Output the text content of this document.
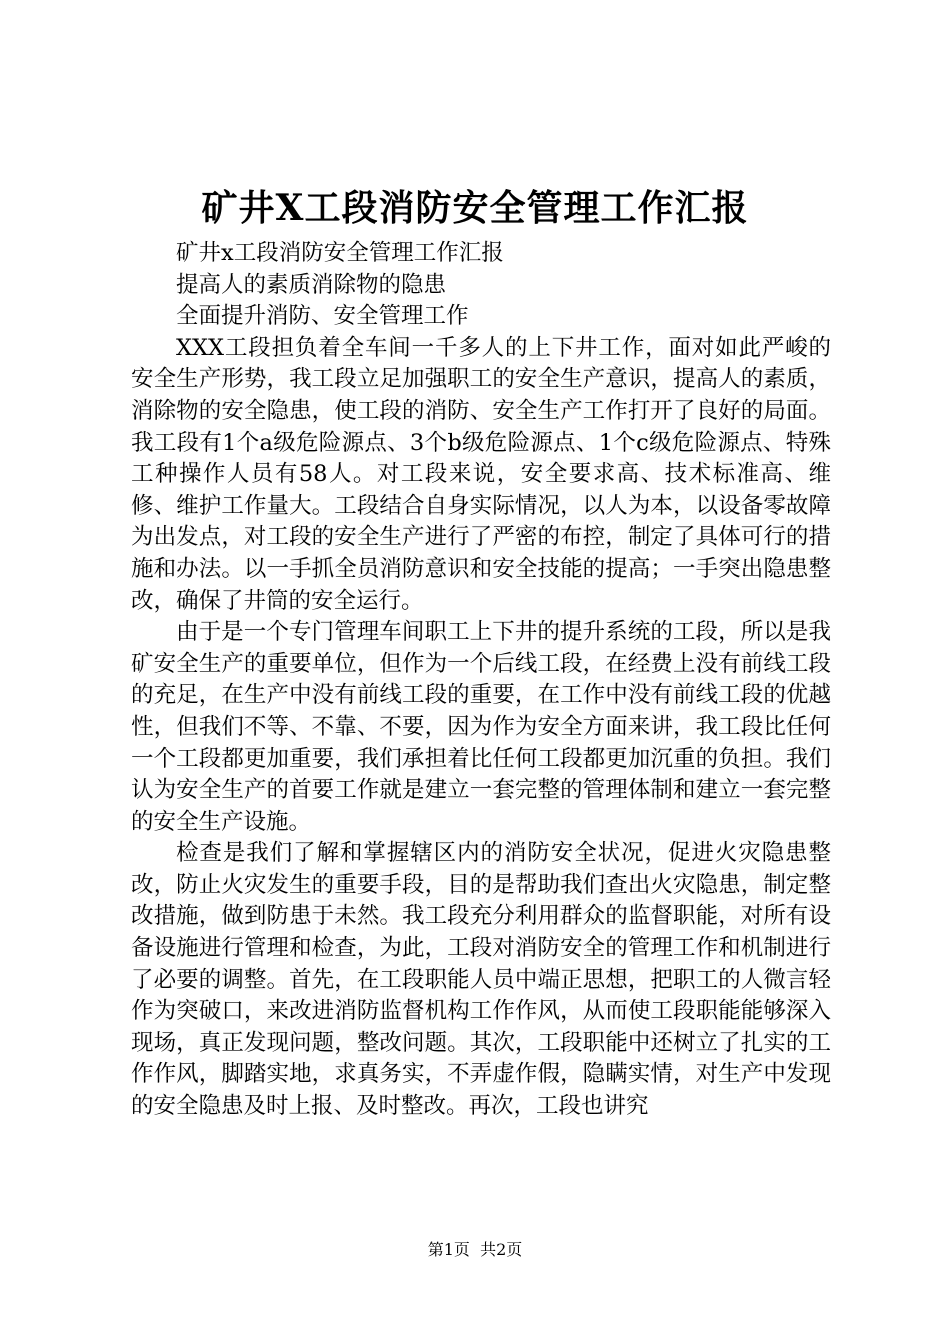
矿井X工段消防安全管理工作汇报

矿井x工段消防安全管理工作汇报

提高人的素质消除物的隐患

全面提升消防、安全管理工作

XXX工段担负着全车间一千多人的上下井工作，面对如此严峻的安全生产形势，我工段立足加强职工的安全生产意识，提高人的素质，消除物的安全隐患，使工段的消防、安全生产工作打开了良好的局面。我工段有1个a级危险源点、3个b级危险源点、1个c级危险源点、特殊工种操作人员有58人。对工段来说，安全要求高、技术标准高、维修、维护工作量大。工段结合自身实际情况，以人为本，以设备零故障为出发点，对工段的安全生产进行了严密的布控，制定了具体可行的措施和办法。以一手抓全员消防意识和安全技能的提高；一手突出隐患整改，确保了井筒的安全运行。

由于是一个专门管理车间职工上下井的提升系统的工段，所以是我矿安全生产的重要单位，但作为一个后线工段，在经费上没有前线工段的充足，在生产中没有前线工段的重要，在工作中没有前线工段的优越性，但我们不等、不靠、不要，因为作为安全方面来讲，我工段比任何一个工段都更加重要，我们承担着比任何工段都更加沉重的负担。我们认为安全生产的首要工作就是建立一套完整的管理体制和建立一套完整的安全生产设施。

检查是我们了解和掌握辖区内的消防安全状况，促进火灾隐患整改，防止火灾发生的重要手段，目的是帮助我们查出火灾隐患，制定整改措施，做到防患于未然。我工段充分利用群众的监督职能，对所有设备设施进行管理和检查，为此，工段对消防安全的管理工作和机制进行了必要的调整。首先，在工段职能人员中端正思想，把职工的人微言轻作为突破口，来改进消防监督机构工作作风，从而使工段职能能够深入现场，真正发现问题，整改问题。其次，工段职能中还树立了扎实的工作作风，脚踏实地，求真务实，不弄虚作假，隐瞒实情，对生产中发现的安全隐患及时上报、及时整改。再次，工段也讲究

第1页  共2页
